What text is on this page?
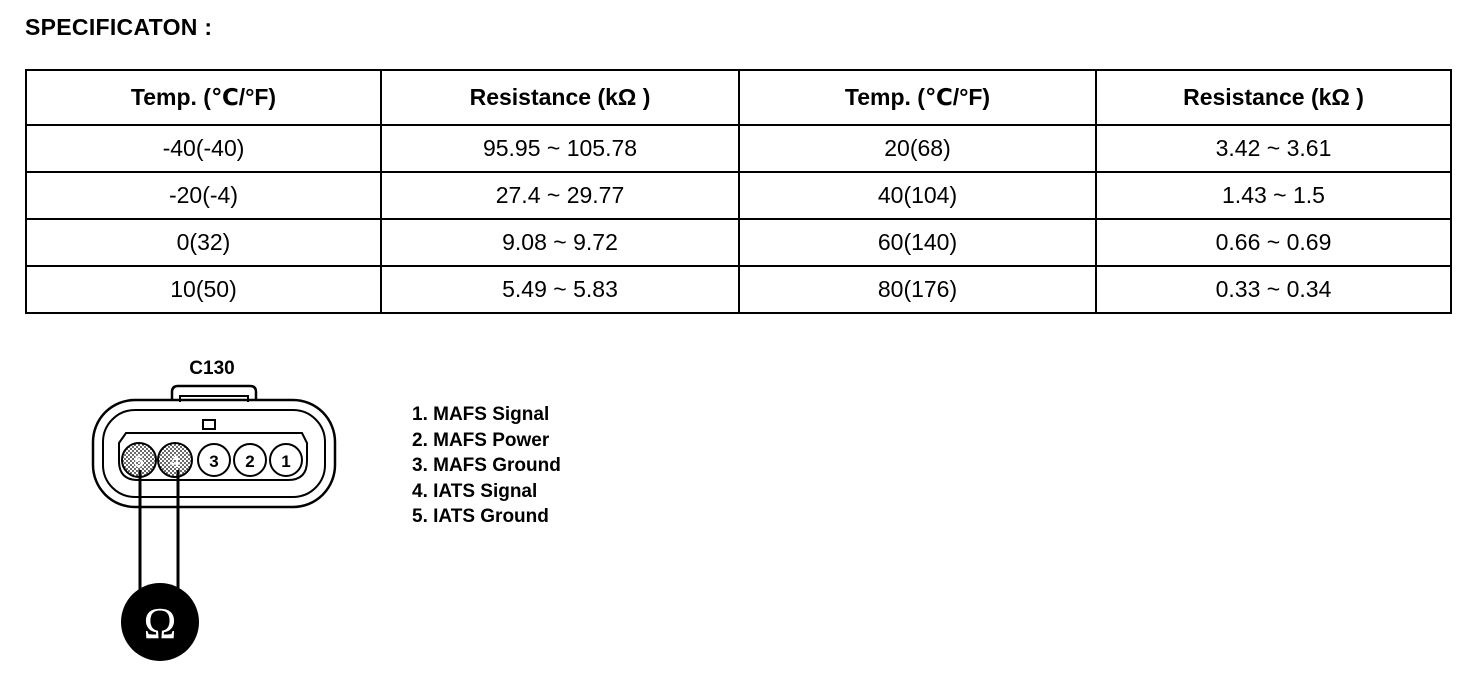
SPECIFICATON :
Temp. (℃/°F)	Resistance (kΩ )	Temp. (℃/°F)	Resistance (kΩ )
-40(-40)	95.95 ~ 105.78	20(68)	3.42 ~ 3.61
-20(-4)	27.4 ~ 29.77	40(104)	1.43 ~ 1.5
0(32)	9.08 ~ 9.72	60(140)	0.66 ~ 0.69
10(50)	5.49 ~ 5.83	80(176)	0.33 ~ 0.34
C130
5 4 3 2 1
Ω
1. MAFS Signal
2. MAFS Power
3. MAFS Ground
4. IATS Signal
5. IATS Ground
